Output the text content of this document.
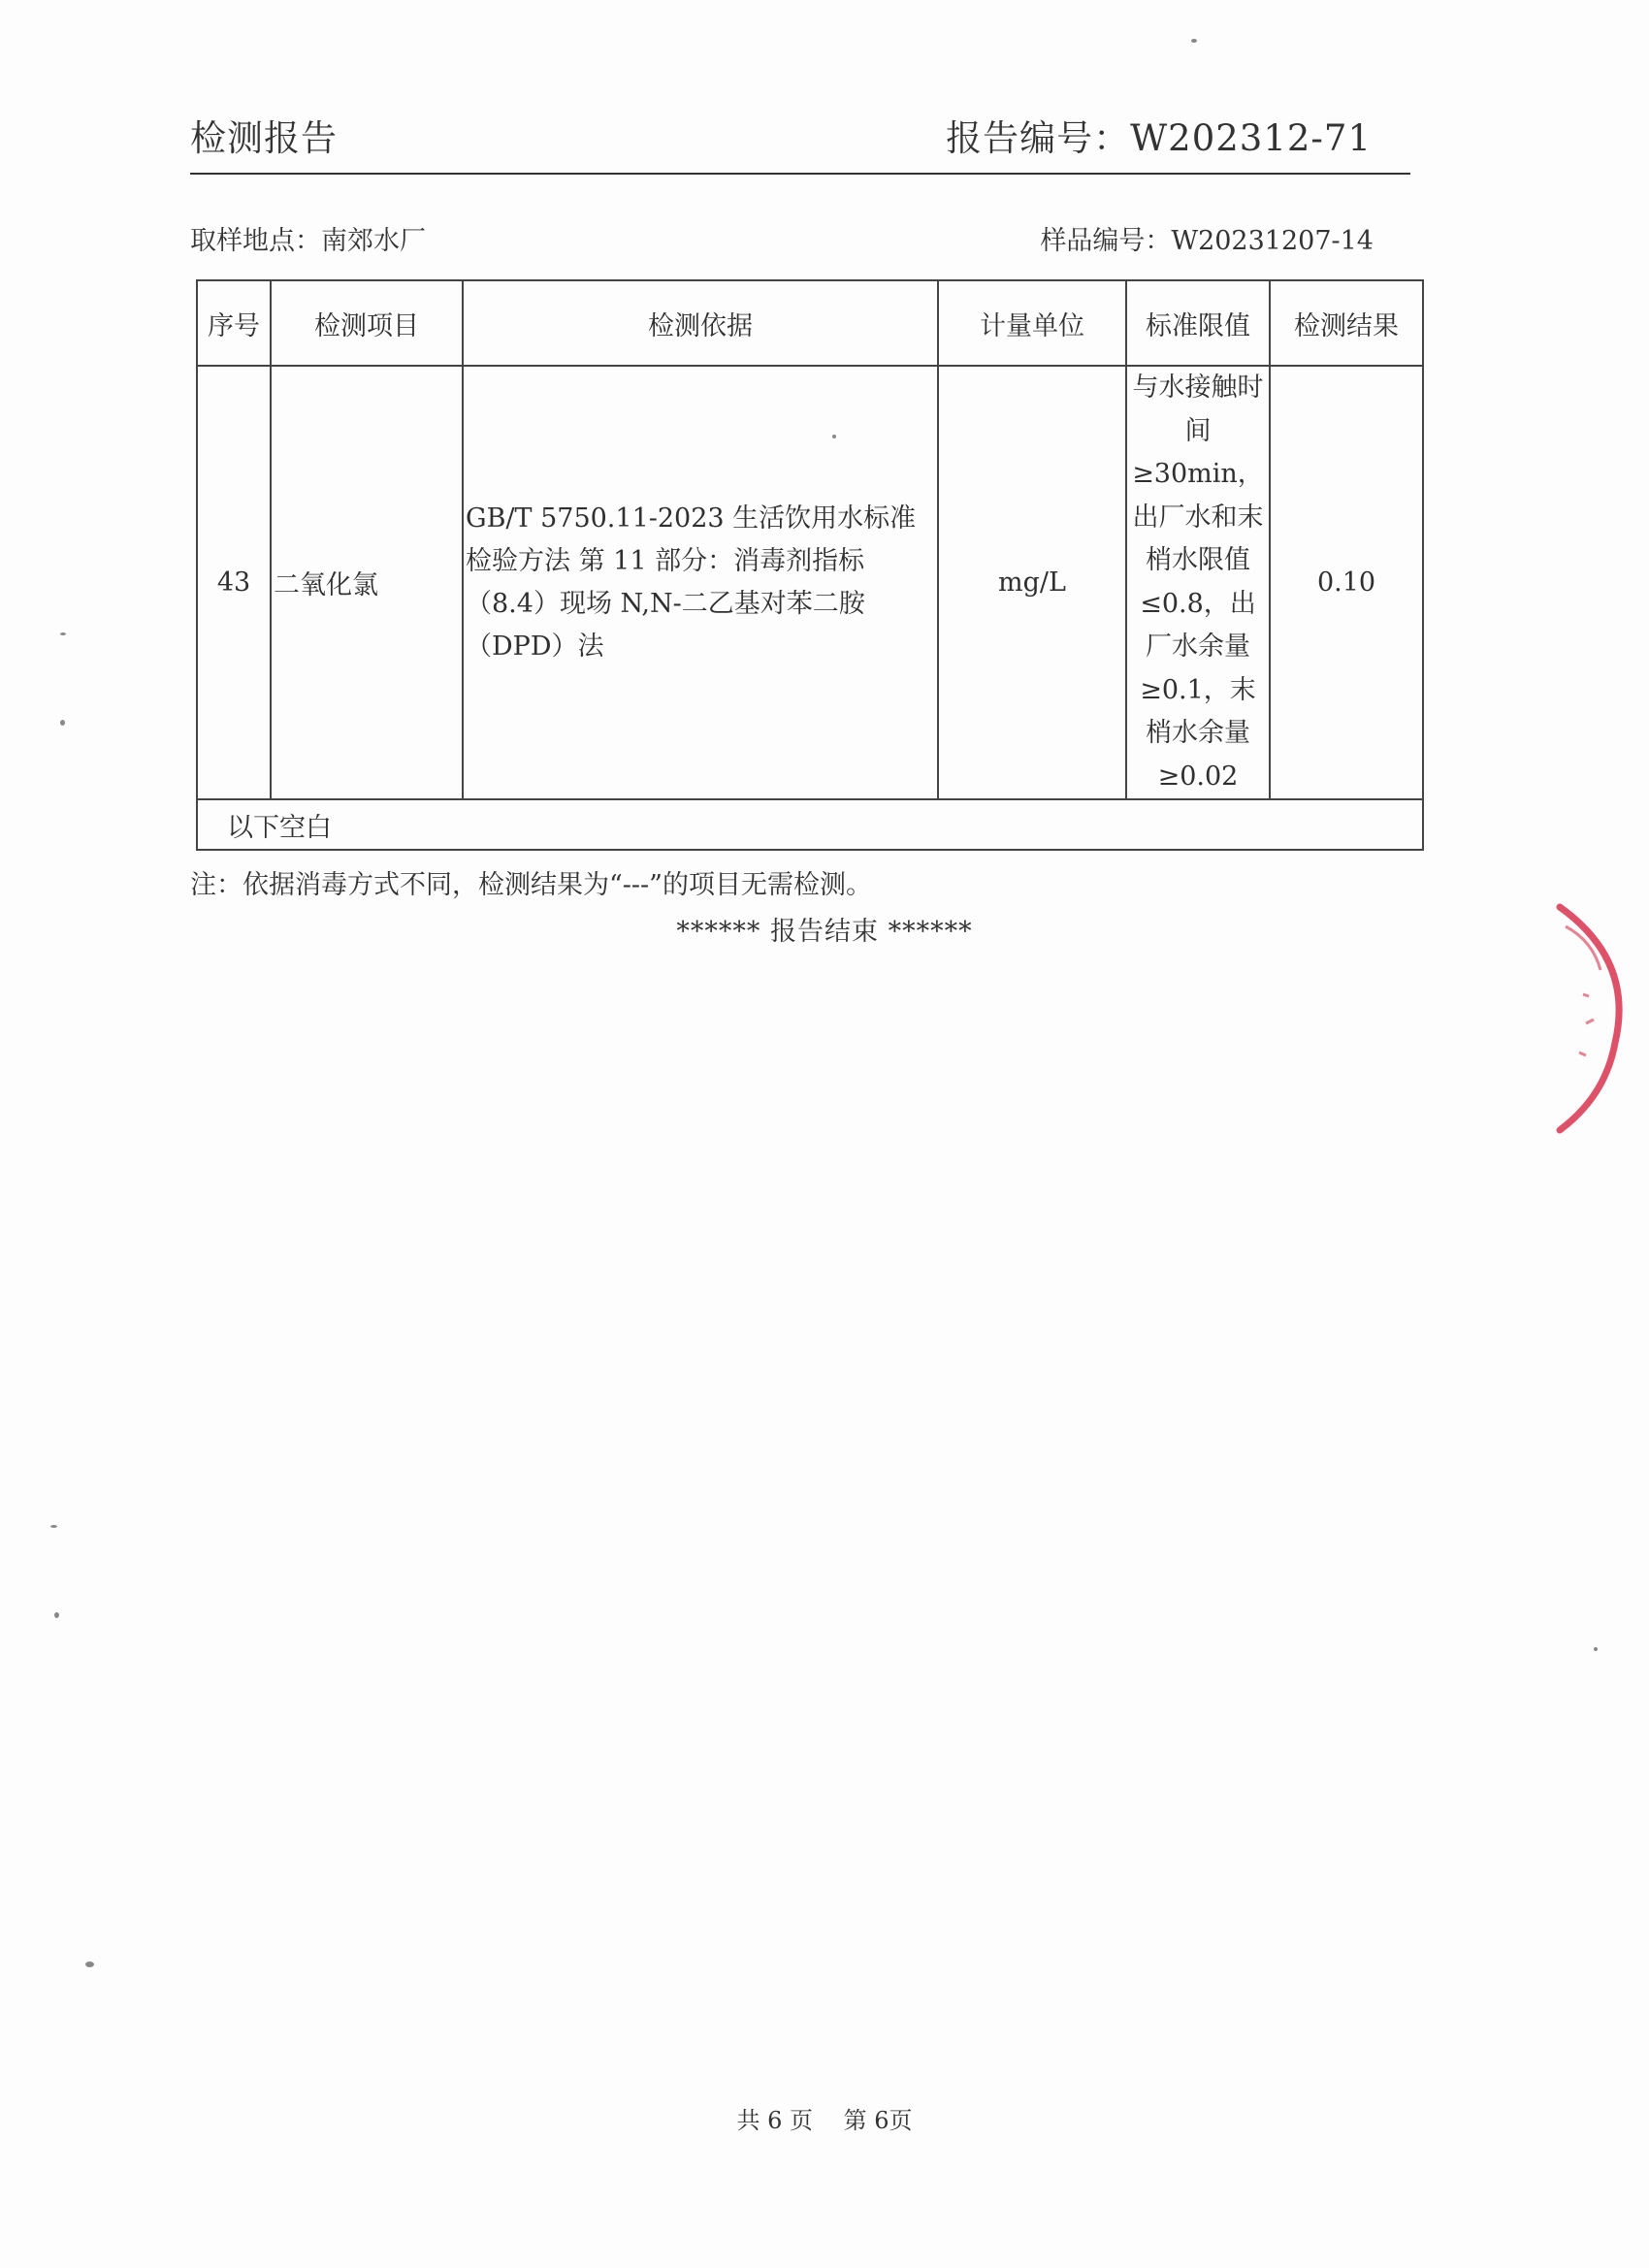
检测报告	报告编号：W202312-71
取样地点：南郊水厂	样品编号：W20231207-14
序号	检测项目	检测依据	计量单位	标准限值	检测结果
43	二氧化氯	GB/T 5750.11-2023 生活饮用水标准检验方法 第 11 部分：消毒剂指标（8.4）现场 N,N-二乙基对苯二胺（DPD）法	mg/L	与水接触时间≥30min，出厂水和末梢水限值≤0.8，出厂水余量≥0.1，末梢水余量≥0.02	0.10
以下空白					
注：依据消毒方式不同，检测结果为“---”的项目无需检测。
****** 报告结束 ******
共 6 页 第 6页
